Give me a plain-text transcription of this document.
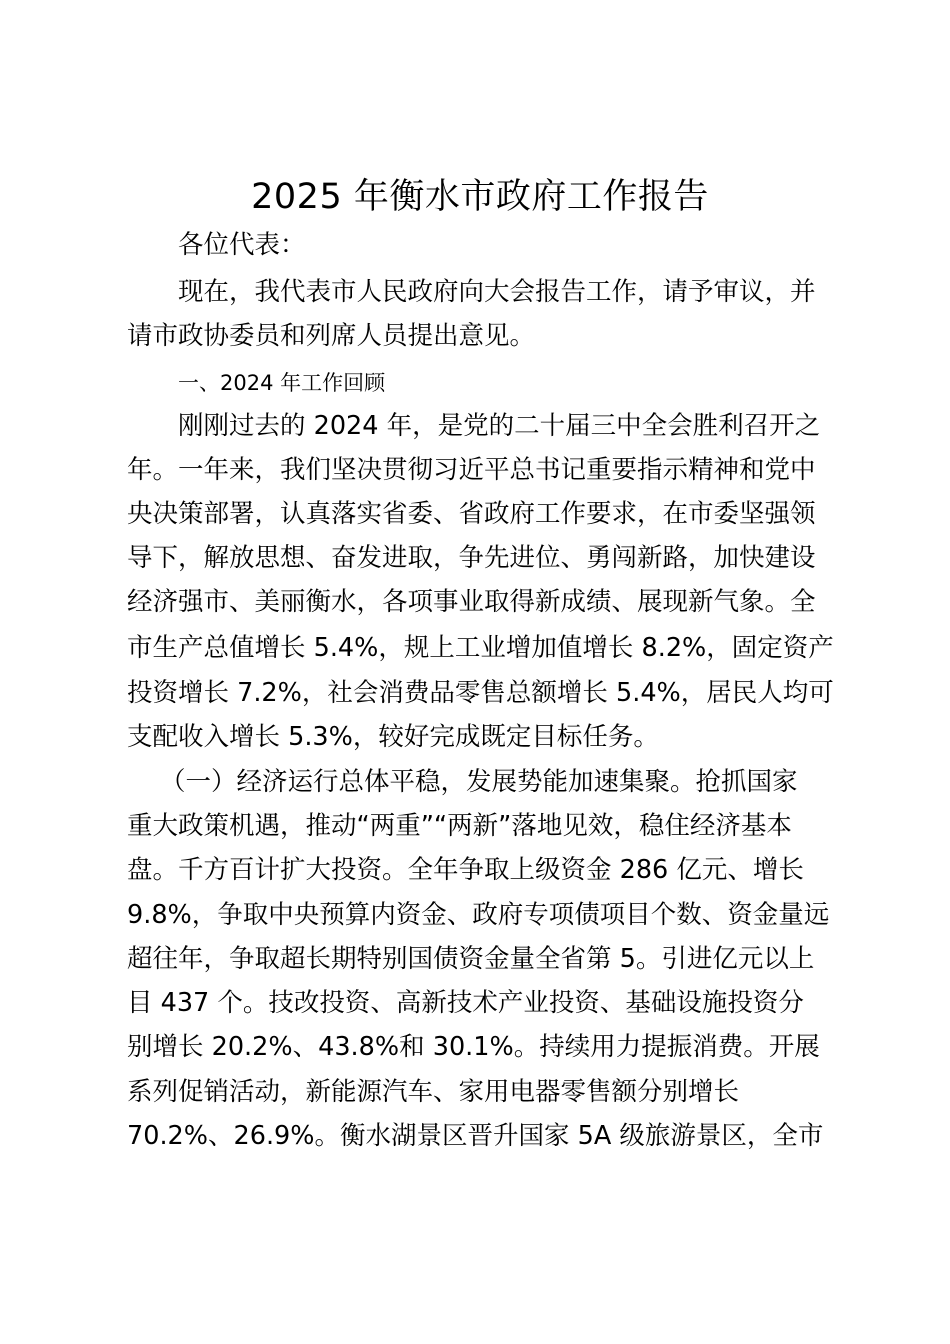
2025 年衡水市政府工作报告
各位代表：
现在，我代表市人民政府向大会报告工作，请予审议，并
请市政协委员和列席人员提出意见。
一、2024 年工作回顾
刚刚过去的 2024 年，是党的二十届三中全会胜利召开之
年。一年来，我们坚决贯彻习近平总书记重要指示精神和党中
央决策部署，认真落实省委、省政府工作要求，在市委坚强领
导下，解放思想、奋发进取，争先进位、勇闯新路，加快建设
经济强市、美丽衡水，各项事业取得新成绩、展现新气象。全
市生产总值增长 5.4%，规上工业增加值增长 8.2%，固定资产
投资增长 7.2%，社会消费品零售总额增长 5.4%，居民人均可
支配收入增长 5.3%，较好完成既定目标任务。
（一）经济运行总体平稳，发展势能加速集聚。抢抓国家
重大政策机遇，推动“两重”“两新”落地见效，稳住经济基本
盘。千方百计扩大投资。全年争取上级资金 286 亿元、增长
9.8%，争取中央预算内资金、政府专项债项目个数、资金量远
超往年，争取超长期特别国债资金量全省第 5。引进亿元以上
目 437 个。技改投资、高新技术产业投资、基础设施投资分
别增长 20.2%、43.8%和 30.1%。持续用力提振消费。开展
系列促销活动，新能源汽车、家用电器零售额分别增长
70.2%、26.9%。衡水湖景区晋升国家 5A 级旅游景区，全市
